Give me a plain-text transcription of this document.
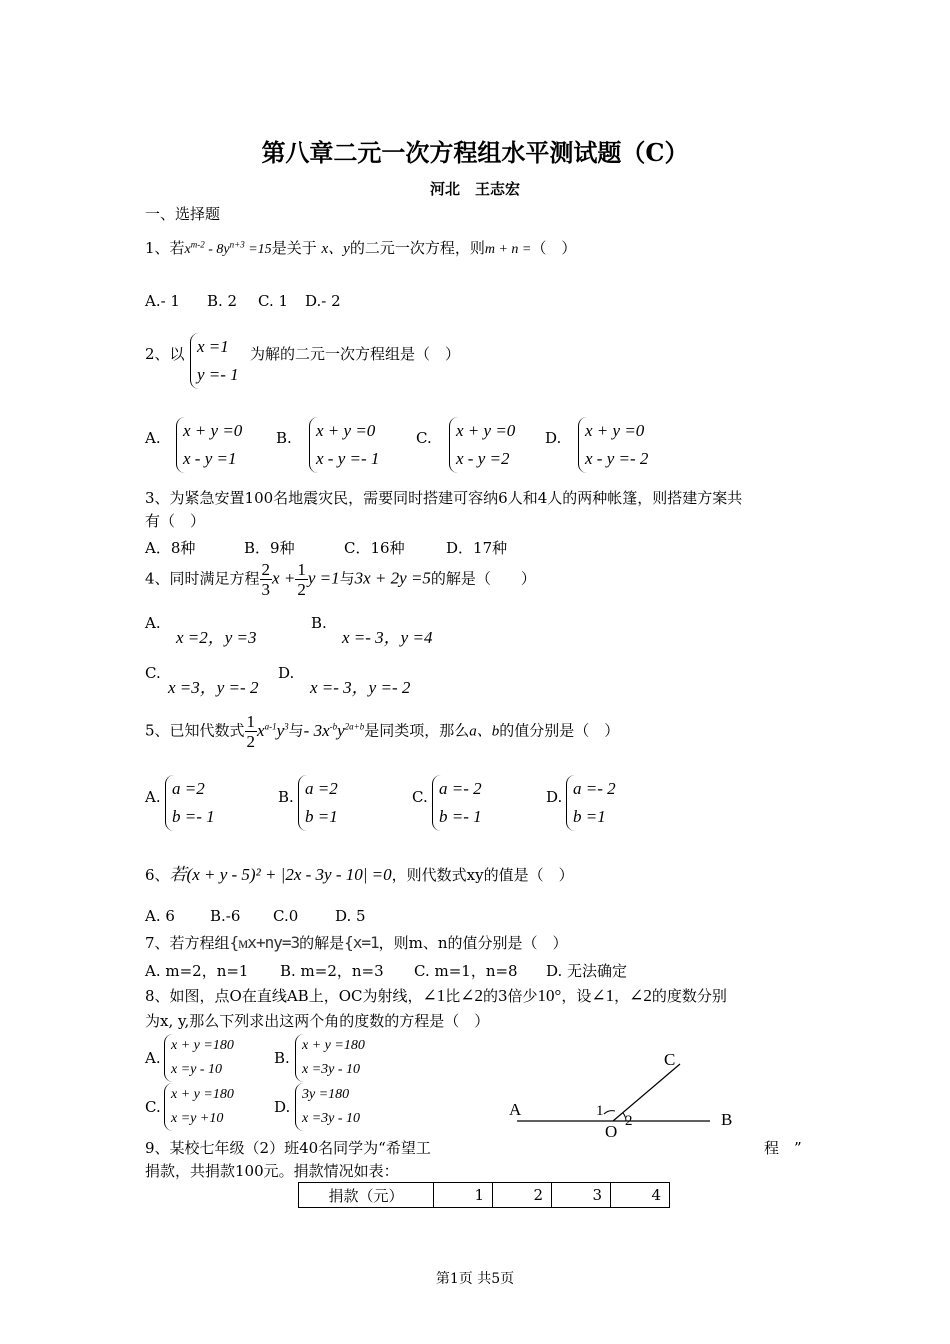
第八章二元一次方程组水平测试题（C）
河北　王志宏
一、选择题
1、若$x^{m-2} - 8y^{n+3} =15$是关于 x、y的二元一次方程，则m + n =（　）
A.- 1 B. 2 C. 1 D.- 2
2、以 x =1
y =- 1
为解的二元一次方程组是（　）
A. x + y =0
x - y =1
B. x + y =0
x - y =- 1
C. x + y =0
x - y =2
D. x + y =0
x - y =- 2
3、为紧急安置100名地震灾民，需要同时搭建可容纳6人和4人的两种帐篷，则搭建方案共
有（　）
A．8种	B．9种	C．16种	D．17种
4、同时满足方程 $\frac{2}{3}$ $x + \frac{1}{2}$ y =1与3x + 2y =5的解是（　　）
A.
x =2，y =3
B.
x =- 3，y =4
C.
x =3，y =- 2
D.
x =- 3，y =- 2
5、已知代数式 $\frac{1}{2} x^{a-1}y^3$与- $3x^{-b}y^{2a+b}$是同类项，那么a、b的值分别是（　）
A. a =2
b =- 1
B. a =2
b =1
C. a =- 2
b =- 1
D. a =- 2
b =1
6、若(x + y - 5)² + |2x - 3y - 10| =0，则代数式xy的值是（　）
A. 6 B.-6 C.0 D. 5
7、若方程组{ᴍx+ny=3的解是{x=1，则m、n的值分别是（　）
A. m=2，n=1 B. m=2，n=3 C. m=1，n=8 D. 无法确定
8、如图，点O在直线AB上，OC为射线，∠1比∠2的3倍少10°，设∠1，∠2的度数分别
为x, y,那么下列求出这两个角的度数的方程是（　）
A.
x + y =180
x =y - 10
B.
x + y =180
x =3y - 10
C.
x + y =180
x =y +10
D.
3y =180
x =3y - 10	A
B
C
O
1
2
9、某校七年级（2）班40名同学为“希望工	程　”
捐款，共捐款100元。捐款情况如表：
捐款（元）	1	2	3	4
第1页 共5页
